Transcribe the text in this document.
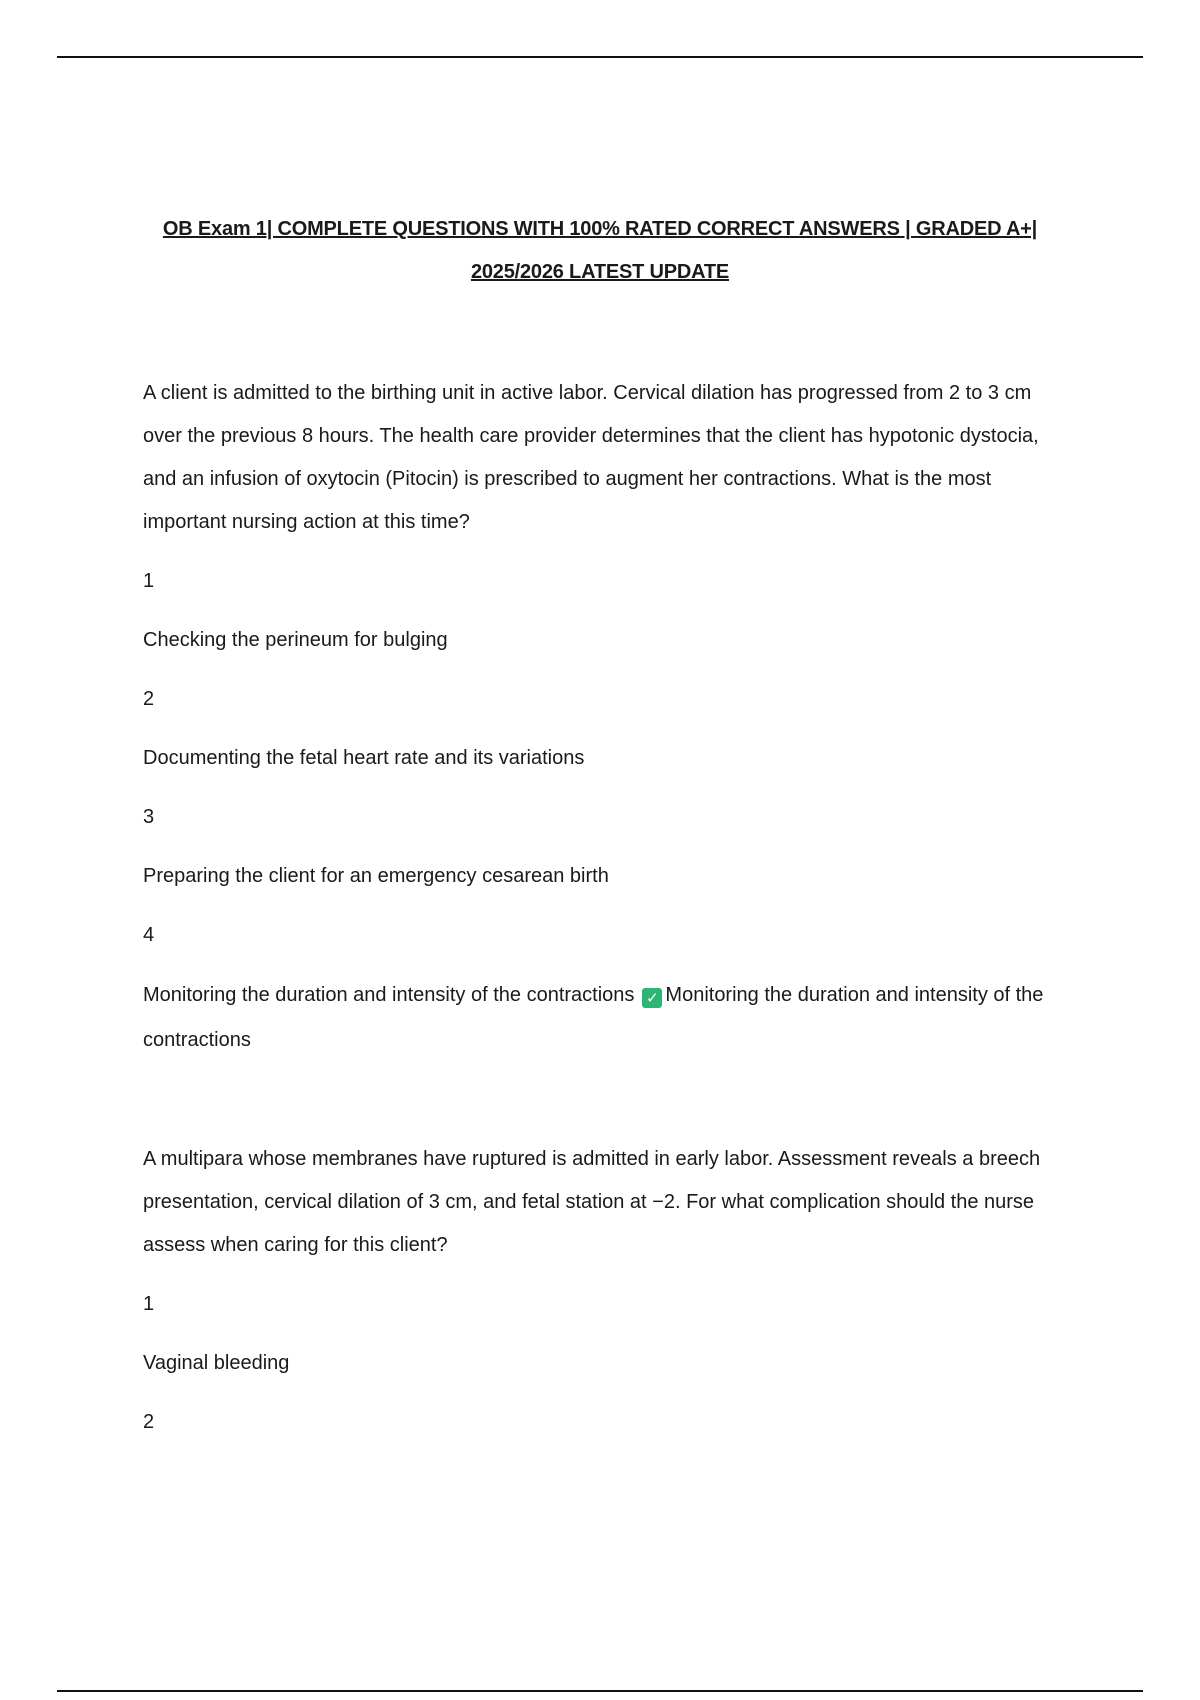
OB Exam 1| COMPLETE QUESTIONS WITH 100% RATED CORRECT ANSWERS | GRADED A+|
2025/2026 LATEST UPDATE

A client is admitted to the birthing unit in active labor. Cervical dilation has progressed from 2 to 3 cm over the previous 8 hours. The health care provider determines that the client has hypotonic dystocia, and an infusion of oxytocin (Pitocin) is prescribed to augment her contractions. What is the most important nursing action at this time?

1

Checking the perineum for bulging

2

Documenting the fetal heart rate and its variations

3

Preparing the client for an emergency cesarean birth

4

Monitoring the duration and intensity of the contractions ✓ Monitoring the duration and intensity of the contractions

A multipara whose membranes have ruptured is admitted in early labor. Assessment reveals a breech presentation, cervical dilation of 3 cm, and fetal station at −2. For what complication should the nurse assess when caring for this client?

1

Vaginal bleeding

2
